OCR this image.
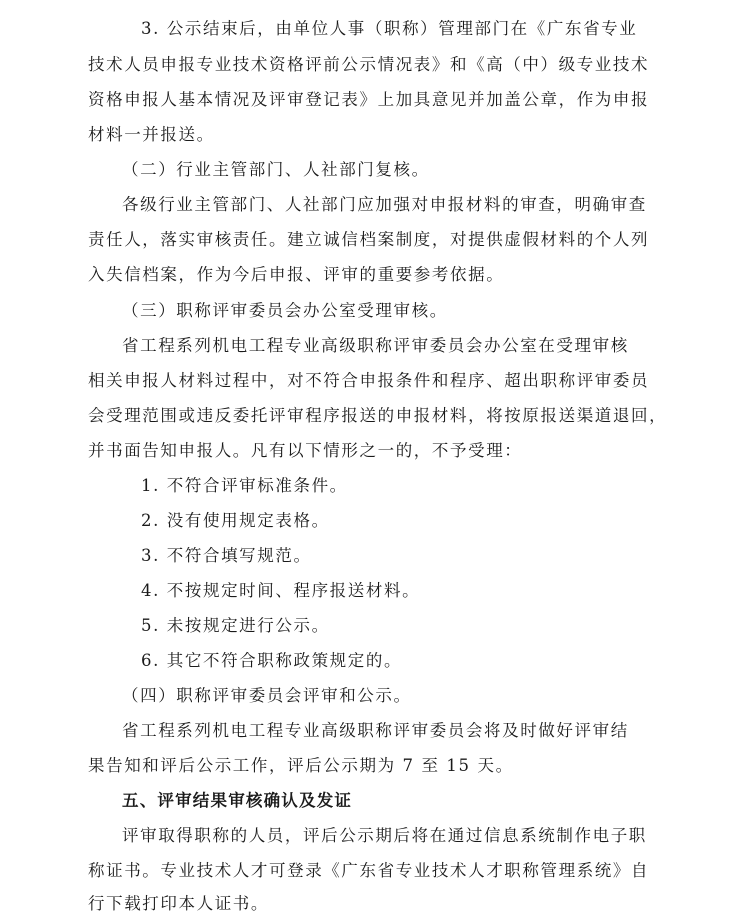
3. 公示结束后，由单位人事（职称）管理部门在《广东省专业
技术人员申报专业技术资格评前公示情况表》和《高（中）级专业技术
资格申报人基本情况及评审登记表》上加具意见并加盖公章，作为申报
材料一并报送。
（二）行业主管部门、人社部门复核。
各级行业主管部门、人社部门应加强对申报材料的审查，明确审查
责任人，落实审核责任。建立诚信档案制度，对提供虚假材料的个人列
入失信档案，作为今后申报、评审的重要参考依据。
（三）职称评审委员会办公室受理审核。
省工程系列机电工程专业高级职称评审委员会办公室在受理审核
相关申报人材料过程中，对不符合申报条件和程序、超出职称评审委员
会受理范围或违反委托评审程序报送的申报材料，将按原报送渠道退回，
并书面告知申报人。凡有以下情形之一的，不予受理：
1. 不符合评审标准条件。
2. 没有使用规定表格。
3. 不符合填写规范。
4. 不按规定时间、程序报送材料。
5. 未按规定进行公示。
6. 其它不符合职称政策规定的。
（四）职称评审委员会评审和公示。
省工程系列机电工程专业高级职称评审委员会将及时做好评审结
果告知和评后公示工作，评后公示期为 7 至 15 天。
五、评审结果审核确认及发证
评审取得职称的人员，评后公示期后将在通过信息系统制作电子职
称证书。专业技术人才可登录《广东省专业技术人才职称管理系统》自
行下载打印本人证书。
